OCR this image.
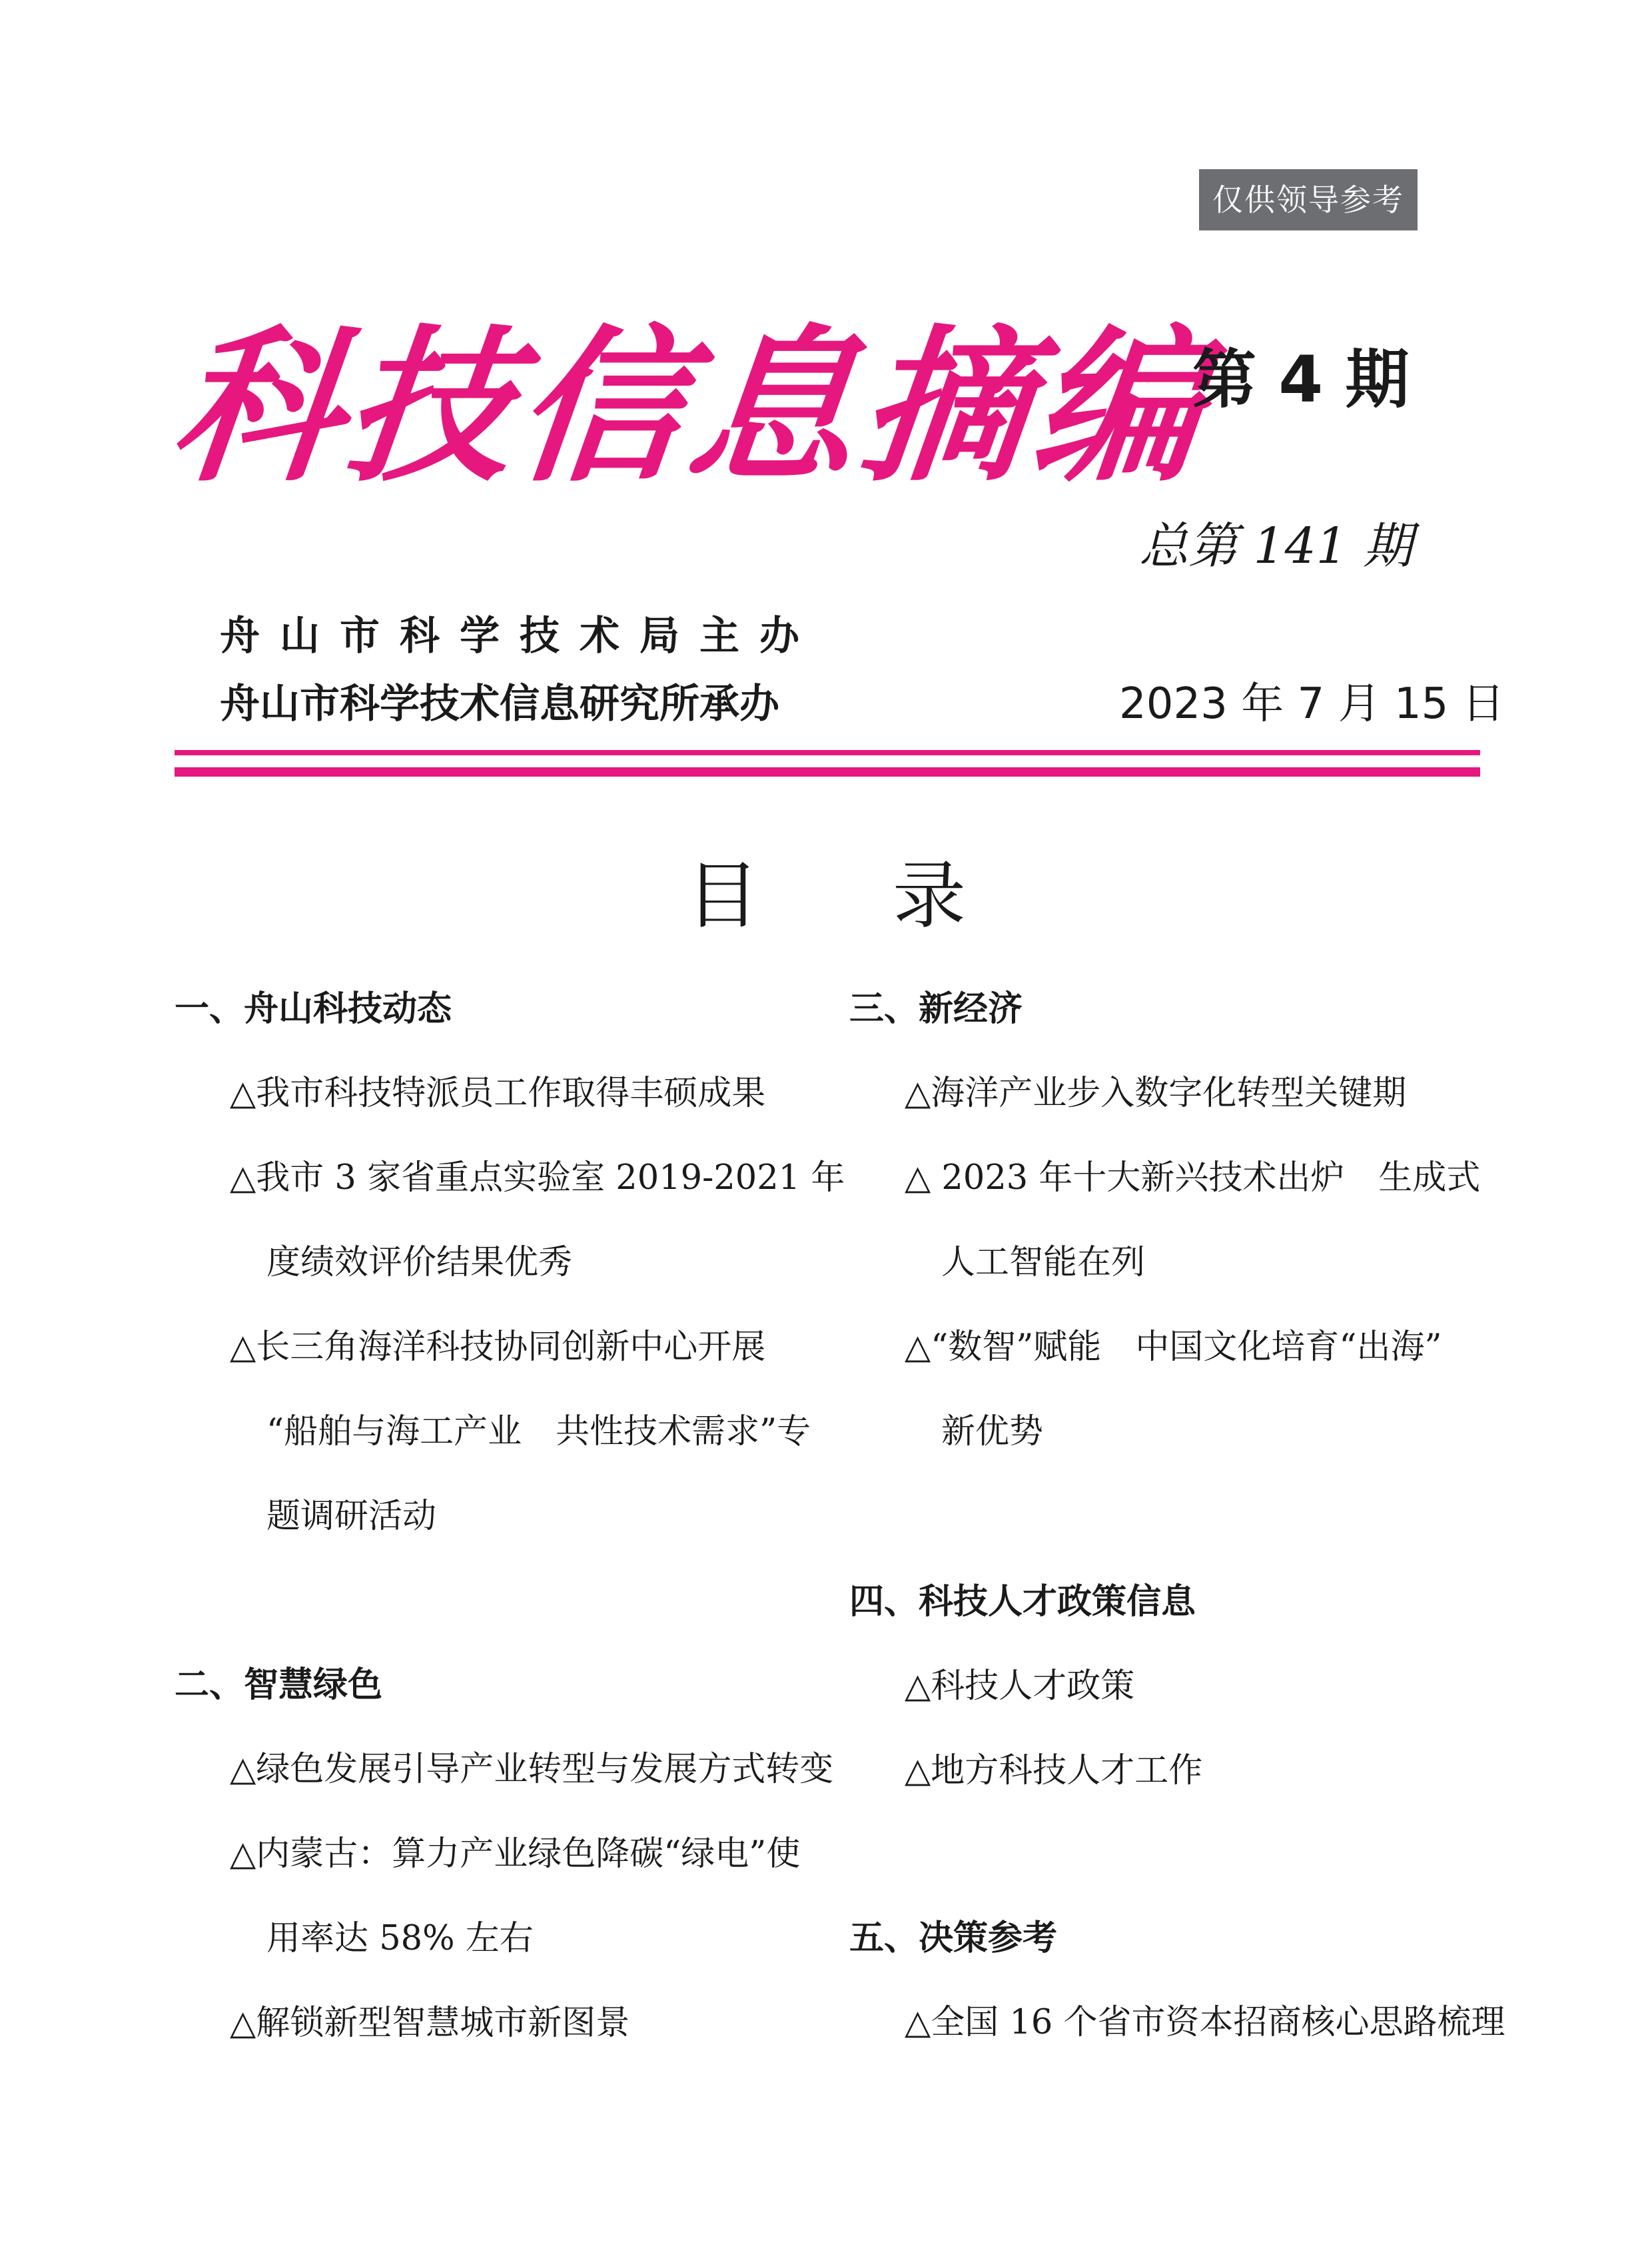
仅供领导参考
科技信息摘编
第 4 期
总第 141 期
舟山市科学技术局主办
舟山市科学技术信息研究所承办	2023 年 7 月 15 日
目录
一、舟山科技动态
△我市科技特派员工作取得丰硕成果
△我市 3 家省重点实验室 2019-2021 年
度绩效评价结果优秀
△长三角海洋科技协同创新中心开展
“船舶与海工产业　共性技术需求”专
题调研活动
二、智慧绿色
△绿色发展引导产业转型与发展方式转变
△内蒙古：算力产业绿色降碳“绿电”使
用率达 58% 左右
△解锁新型智慧城市新图景
三、新经济
△海洋产业步入数字化转型关键期
△ 2023 年十大新兴技术出炉　生成式
人工智能在列
△“数智”赋能　中国文化培育“出海”
新优势
四、科技人才政策信息
△科技人才政策
△地方科技人才工作
五、决策参考
△全国 16 个省市资本招商核心思路梳理
